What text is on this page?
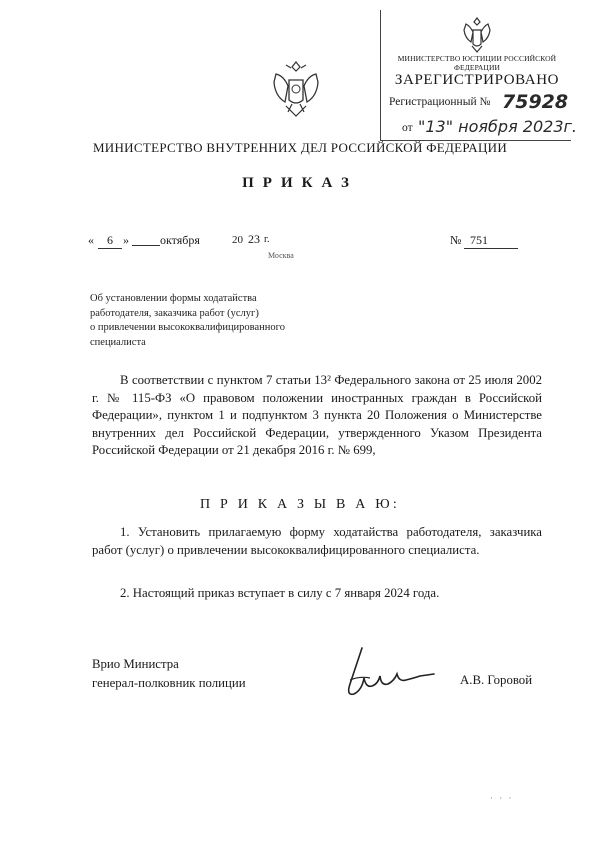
МИНИСТЕРСТВО ЮСТИЦИИ РОССИЙСКОЙ ФЕДЕРАЦИИ
ЗАРЕГИСТРИРОВАНО
Регистрационный № 75928
от "13" ноября 2023г.
МИНИСТЕРСТВО ВНУТРЕННИХ ДЕЛ РОССИЙСКОЙ ФЕДЕРАЦИИ
ПРИКАЗ
«	6 »	октября	20 23 г.	№ 751
Москва
Об установлении формы ходатайства
работодателя, заказчика работ (услуг)
о привлечении высококвалифицированного
специалиста
В соответствии с пунктом 7 статьи 13² Федерального закона от 25 июля 2002 г. № 115-ФЗ «О правовом положении иностранных граждан в Российской Федерации», пунктом 1 и подпунктом 3 пункта 20 Положения о Министерстве внутренних дел Российской Федерации, утвержденного Указом Президента Российской Федерации от 21 декабря 2016 г. № 699,
П Р И К А З Ы В А Ю:
1. Установить прилагаемую форму ходатайства работодателя, заказчика работ (услуг) о привлечении высококвалифицированного специалиста.
2. Настоящий приказ вступает в силу с 7 января 2024 года.
Врио Министра
генерал-полковник полиции	А.В. Горовой
· · ·
